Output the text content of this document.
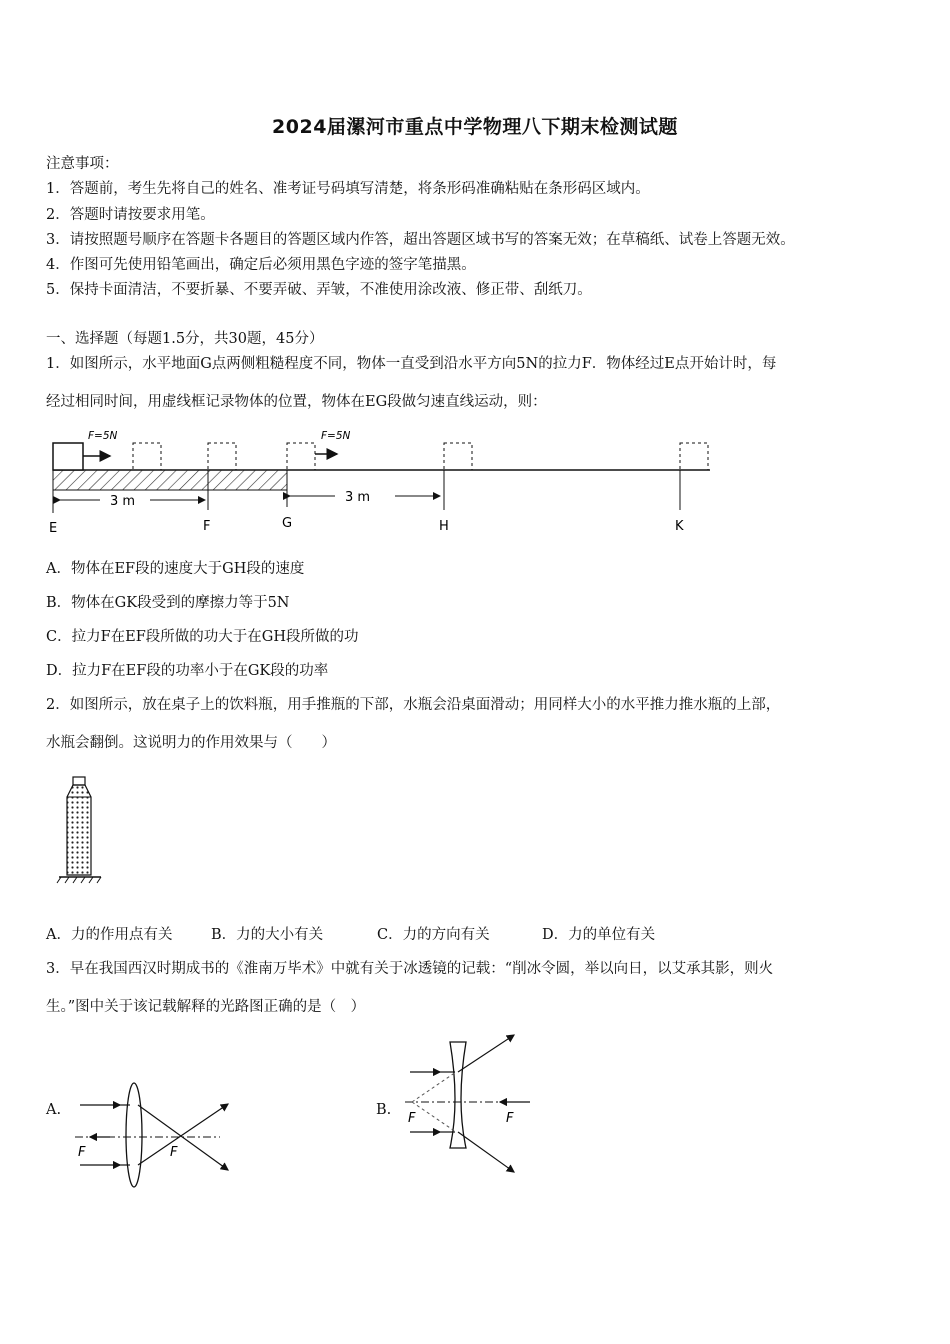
2024届漯河市重点中学物理八下期末检测试题
注意事项：
1．答题前，考生先将自己的姓名、准考证号码填写清楚，将条形码准确粘贴在条形码区域内。
2．答题时请按要求用笔。
3．请按照题号顺序在答题卡各题目的答题区域内作答，超出答题区域书写的答案无效；在草稿纸、试卷上答题无效。
4．作图可先使用铅笔画出，确定后必须用黑色字迹的签字笔描黑。
5．保持卡面清洁，不要折暴、不要弄破、弄皱，不准使用涂改液、修正带、刮纸刀。
一、选择题（每题1.5分，共30题，45分）
1．如图所示，水平地面G点两侧粗糙程度不同，物体一直受到沿水平方向5N的拉力F．物体经过E点开始计时，每
经过相同时间，用虚线框记录物体的位置，物体在EG段做匀速直线运动，则：
F=5N	F=5N
3 m	3 m
E	F	G	H	K
A．物体在EF段的速度大于GH段的速度
B．物体在GK段受到的摩擦力等于5N
C．拉力F在EF段所做的功大于在GH段所做的功
D．拉力F在EF段的功率小于在GK段的功率
2．如图所示，放在桌子上的饮料瓶，用手推瓶的下部，水瓶会沿桌面滑动；用同样大小的水平推力推水瓶的上部，
水瓶会翻倒。这说明力的作用效果与（　　）
A．力的作用点有关	B．力的大小有关	C．力的方向有关	D．力的单位有关
3．早在我国西汉时期成书的《淮南万毕术》中就有关于冰透镜的记载：“削冰令圆，举以向日，以艾承其影，则火
生。”图中关于该记载解释的光路图正确的是（　）
A.
F	F
B.
F	F
